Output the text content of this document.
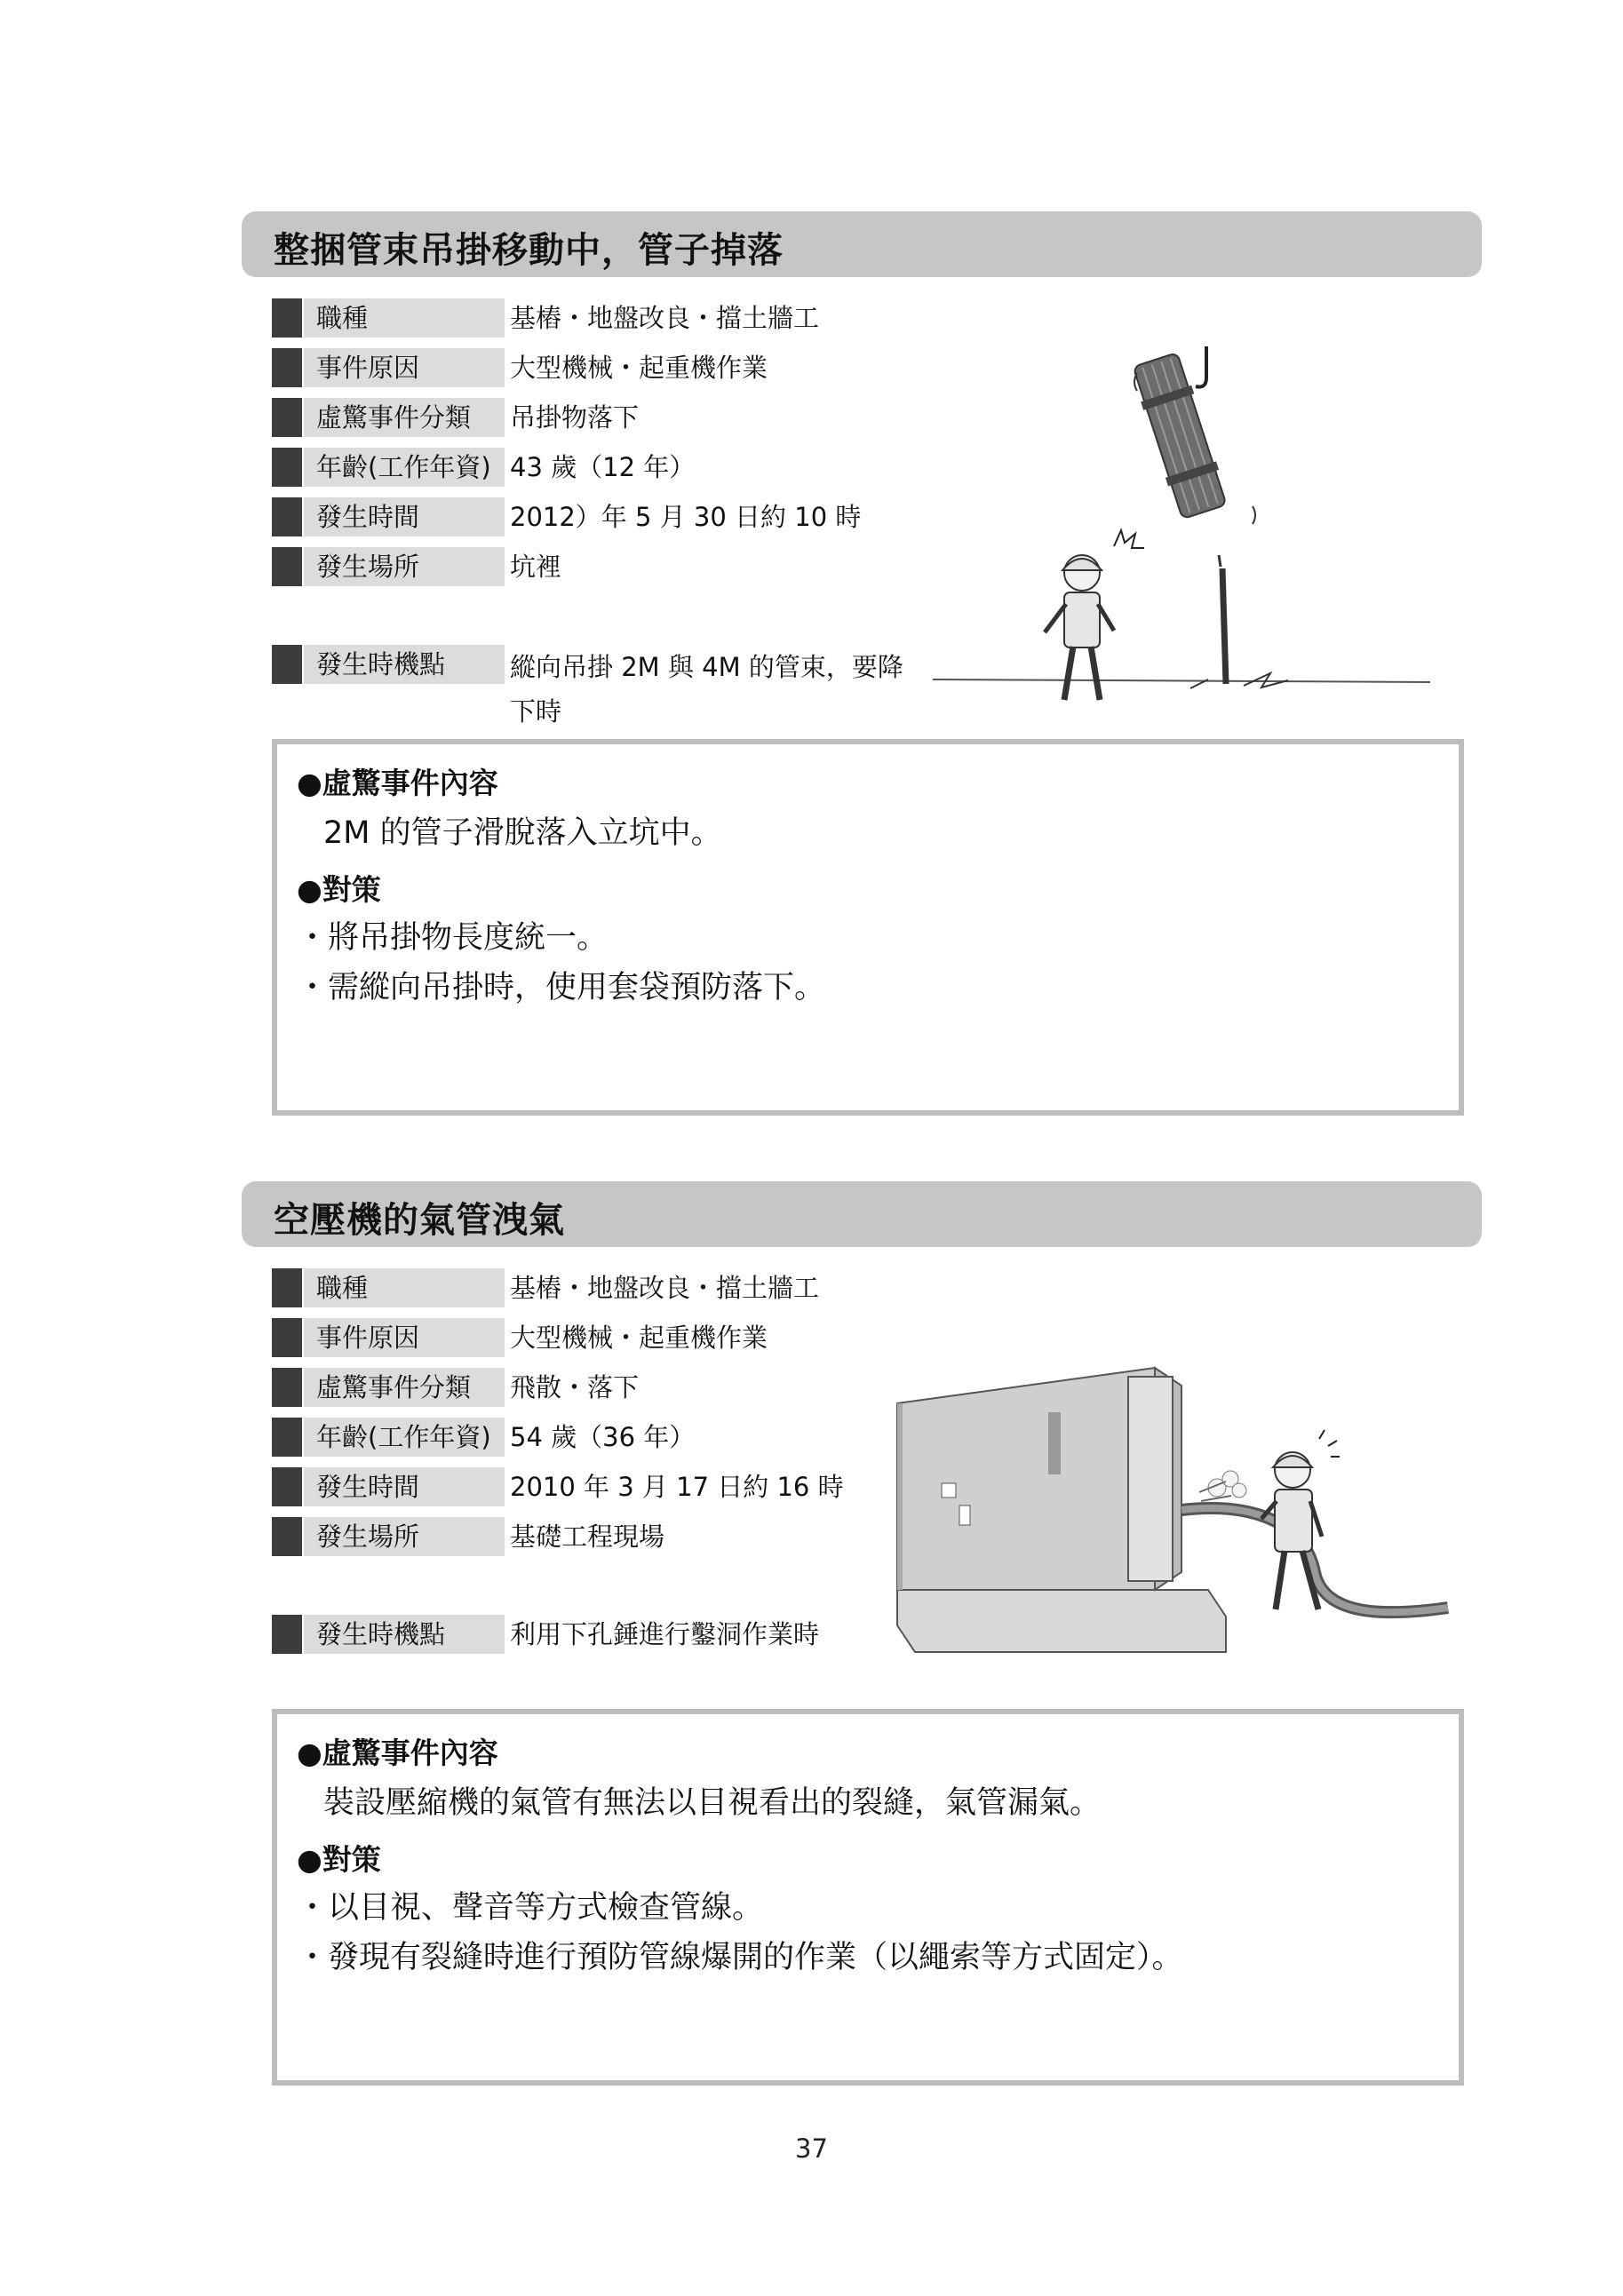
整捆管束吊掛移動中，管子掉落
職種	基樁・地盤改良・擋土牆工
事件原因	大型機械・起重機作業
虛驚事件分類	吊掛物落下
年齡(工作年資) 43 歲（12 年）
發生時間	2012）年 5 月 30 日約 10 時
發生場所	坑裡
發生時機點	縱向吊掛 2M 與 4M 的管束，要降下時
●虛驚事件內容
2M 的管子滑脫落入立坑中。
●對策
・將吊掛物長度統一。
・需縱向吊掛時，使用套袋預防落下。
空壓機的氣管洩氣
職種	基樁・地盤改良・擋土牆工
事件原因	大型機械・起重機作業
虛驚事件分類	飛散・落下
年齡(工作年資) 54 歲（36 年）
發生時間	2010 年 3 月 17 日約 16 時
發生場所	基礎工程現場
發生時機點	利用下孔錘進行鑿洞作業時
●虛驚事件內容
裝設壓縮機的氣管有無法以目視看出的裂縫，氣管漏氣。
●對策
・以目視、聲音等方式檢查管線。
・發現有裂縫時進行預防管線爆開的作業（以繩索等方式固定）。
37
